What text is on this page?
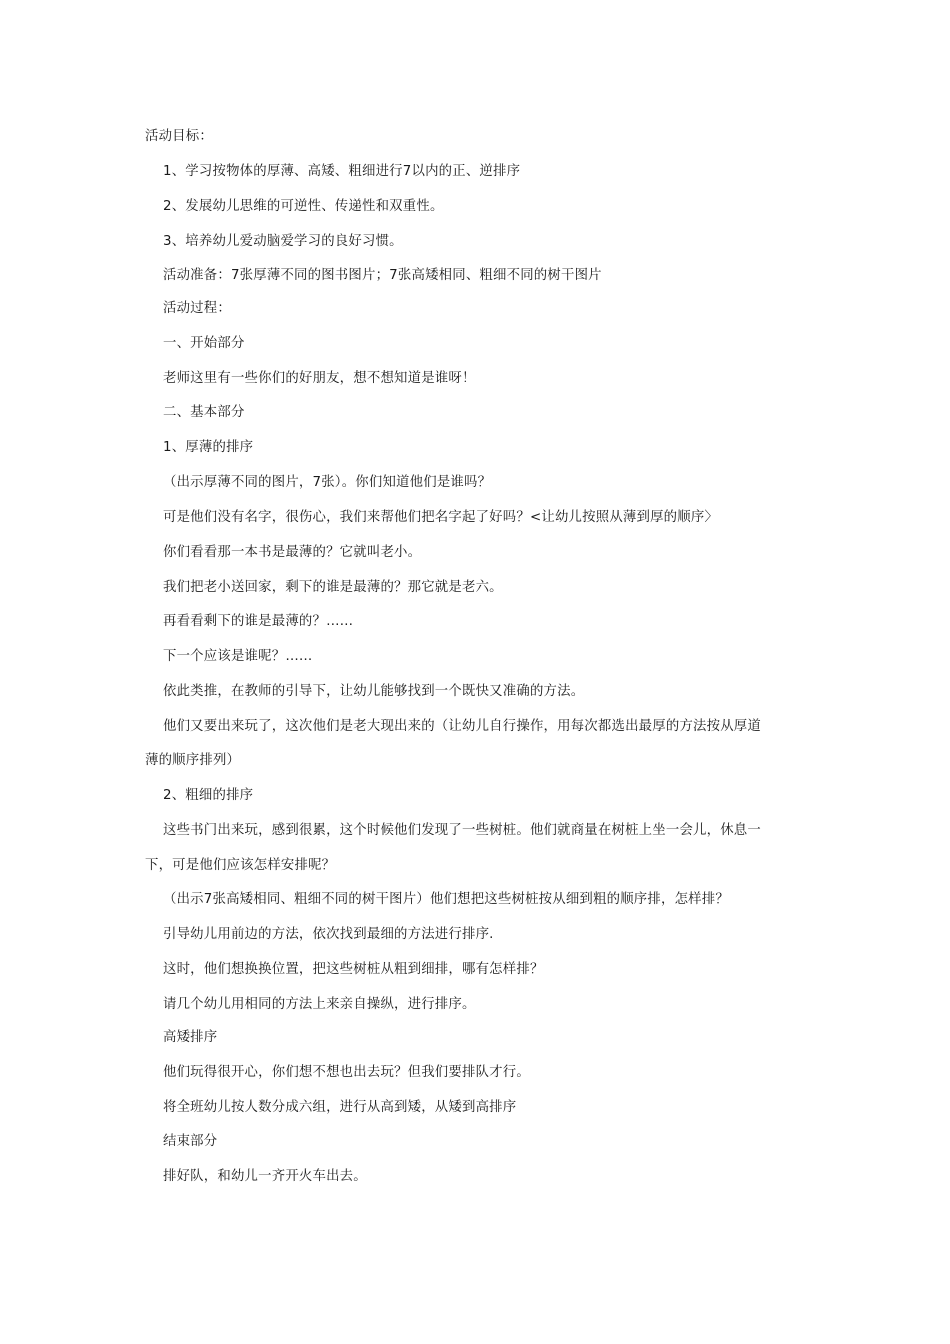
活动目标：
1、学习按物体的厚薄、高矮、粗细进行7以内的正、逆排序
2、发展幼儿思维的可逆性、传递性和双重性。
3、培养幼儿爱动脑爱学习的良好习惯。
活动准备：7张厚薄不同的图书图片；7张高矮相同、粗细不同的树干图片
活动过程：
一、开始部分
老师这里有一些你们的好朋友，想不想知道是谁呀！
二、基本部分
1、厚薄的排序
（出示厚薄不同的图片，7张）。你们知道他们是谁吗？
可是他们没有名字，很伤心，我们来帮他们把名字起了好吗？<让幼儿按照从薄到厚的顺序〉
你们看看那一本书是最薄的？它就叫老小。
我们把老小送回家，剩下的谁是最薄的？那它就是老六。
再看看剩下的谁是最薄的？……
下一个应该是谁呢？……
依此类推，在教师的引导下，让幼儿能够找到一个既快又准确的方法。
他们又要出来玩了，这次他们是老大现出来的（让幼儿自行操作，用每次都选出最厚的方法按从厚道
薄的顺序排列）
2、粗细的排序
这些书门出来玩，感到很累，这个时候他们发现了一些树桩。他们就商量在树桩上坐一会儿，休息一
下，可是他们应该怎样安排呢？
（出示7张高矮相同、粗细不同的树干图片）他们想把这些树桩按从细到粗的顺序排，怎样排？
引导幼儿用前边的方法，依次找到最细的方法进行排序.
这时，他们想换换位置，把这些树桩从粗到细排，哪有怎样排？
请几个幼儿用相同的方法上来亲自操纵，进行排序。
高矮排序
他们玩得很开心，你们想不想也出去玩？但我们要排队才行。
将全班幼儿按人数分成六组，进行从高到矮，从矮到高排序
结束部分
排好队，和幼儿一齐开火车出去。
